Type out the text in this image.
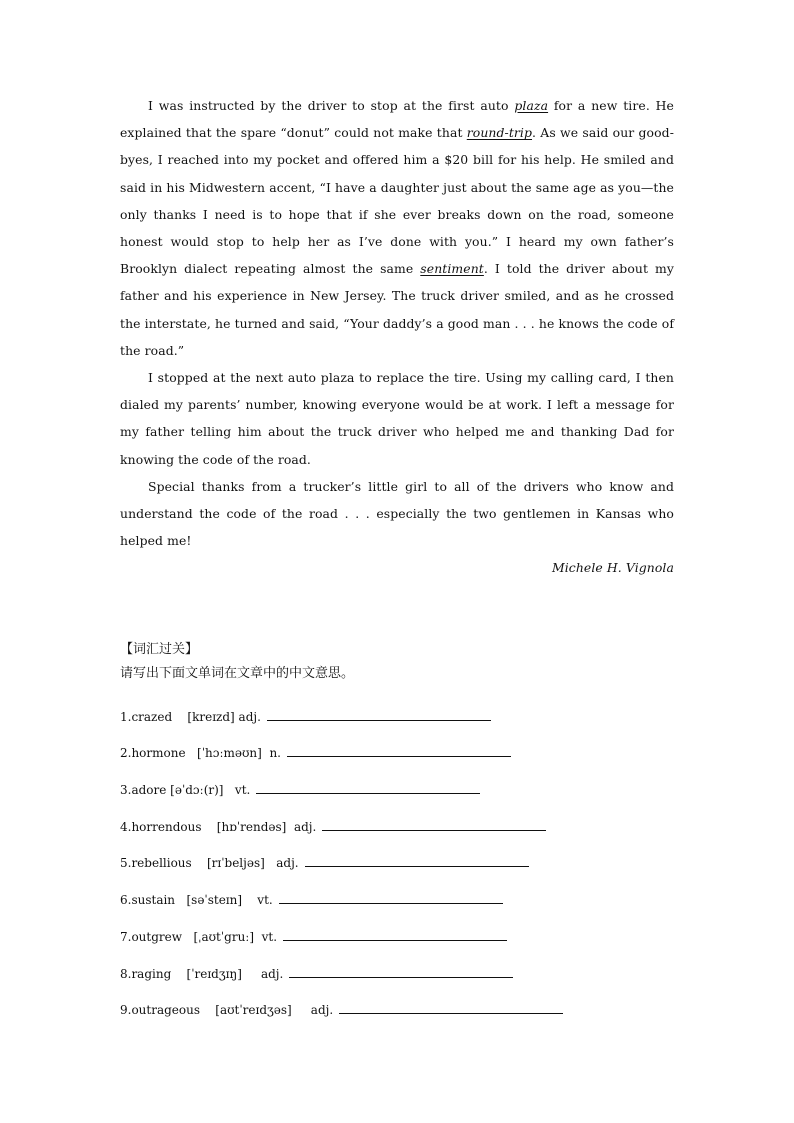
I was instructed by the driver to stop at the first auto plaza for a new tire. He explained that the spare “donut” could not make that round-trip. As we said our good-byes, I reached into my pocket and offered him a $20 bill for his help. He smiled and said in his Midwestern accent, “I have a daughter just about the same age as you—the only thanks I need is to hope that if she ever breaks down on the road, someone honest would stop to help her as I’ve done with you.” I heard my own father’s Brooklyn dialect repeating almost the same sentiment. I told the driver about my father and his experience in New Jersey. The truck driver smiled, and as he crossed the interstate, he turned and said, “Your daddy’s a good man . . . he knows the code of the road.”

I stopped at the next auto plaza to replace the tire. Using my calling card, I then dialed my parents’ number, knowing everyone would be at work. I left a message for my father telling him about the truck driver who helped me and thanking Dad for knowing the code of the road.

Special thanks from a trucker’s little girl to all of the drivers who know and understand the code of the road . . . especially the two gentlemen in Kansas who helped me!

Michele H. Vignola

【词汇过关】

请写出下面文单词在文章中的中文意思。

1.crazed    [kreɪzd] adj.
2.hormone   [ˈhɔːməʊn]  n.
3.adore [əˈdɔː(r)]   vt.
4.horrendous    [hɒˈrendəs]  adj.
5.rebellious    [rɪˈbeljəs]   adj.
6.sustain   [səˈsteɪn]    vt.
7.outgrew   [ˌaʊtˈgruː]  vt.
8.raging    [ˈreɪdʒɪŋ]     adj.
9.outrageous    [aʊtˈreɪdʒəs]     adj.
